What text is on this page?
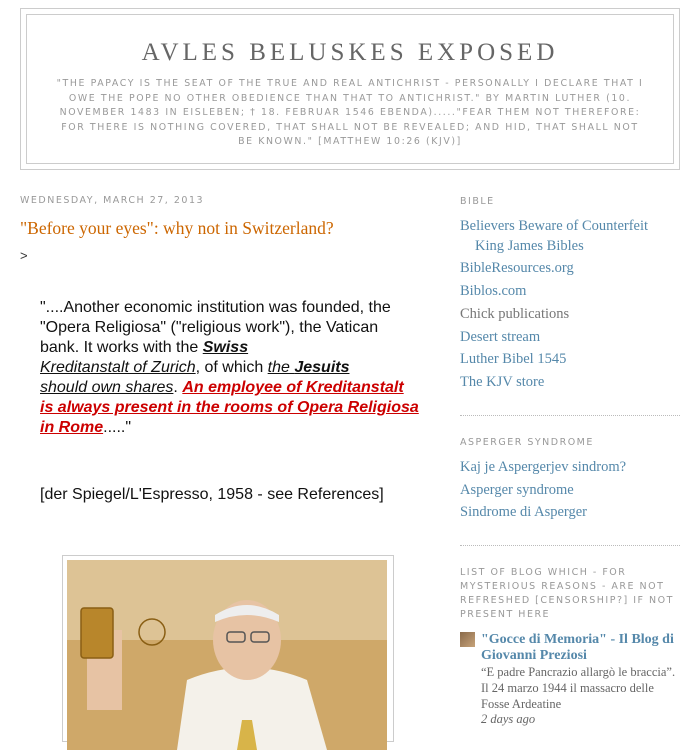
AVLES BELUSKES EXPOSED
"THE PAPACY IS THE SEAT OF THE TRUE AND REAL ANTICHRIST - PERSONALLY I DECLARE THAT I OWE THE POPE NO OTHER OBEDIENCE THAN THAT TO ANTICHRIST." BY MARTIN LUTHER (10. NOVEMBER 1483 IN EISLEBEN; † 18. FEBRUAR 1546 EBENDA)....."FEAR THEM NOT THEREFORE: FOR THERE IS NOTHING COVERED, THAT SHALL NOT BE REVEALED; AND HID, THAT SHALL NOT BE KNOWN." [MATTHEW 10:26 (KJV)]
WEDNESDAY, MARCH 27, 2013
"Before your eyes": why not in Switzerland?
>
"....Another economic institution was founded, the "Opera Religiosa" ("religious work"), the Vatican bank. It works with the Swiss
Kreditanstalt of Zurich, of which the Jesuits
should own shares. An employee of Kreditanstalt is always present in the rooms of Opera Religiosa in Rome....."
[der Spiegel/L'Espresso, 1958 - see References]
BIBLE
Believers Beware of Counterfeit
King James Bibles
BibleResources.org
Biblos.com
Chick publications
Desert stream
Luther Bibel 1545
The KJV store
ASPERGER SYNDROME
Kaj je Aspergerjev sindrom?
Asperger syndrome
Sindrome di Asperger
LIST OF BLOG WHICH - FOR MYSTERIOUS REASONS - ARE NOT REFRESHED [CENSORSHIP?] IF NOT PRESENT HERE
"Gocce di Memoria" - Il Blog di Giovanni Preziosi
“E padre Pancrazio allargò le braccia”. Il 24 marzo 1944 il massacro delle Fosse Ardeatine
2 days ago
